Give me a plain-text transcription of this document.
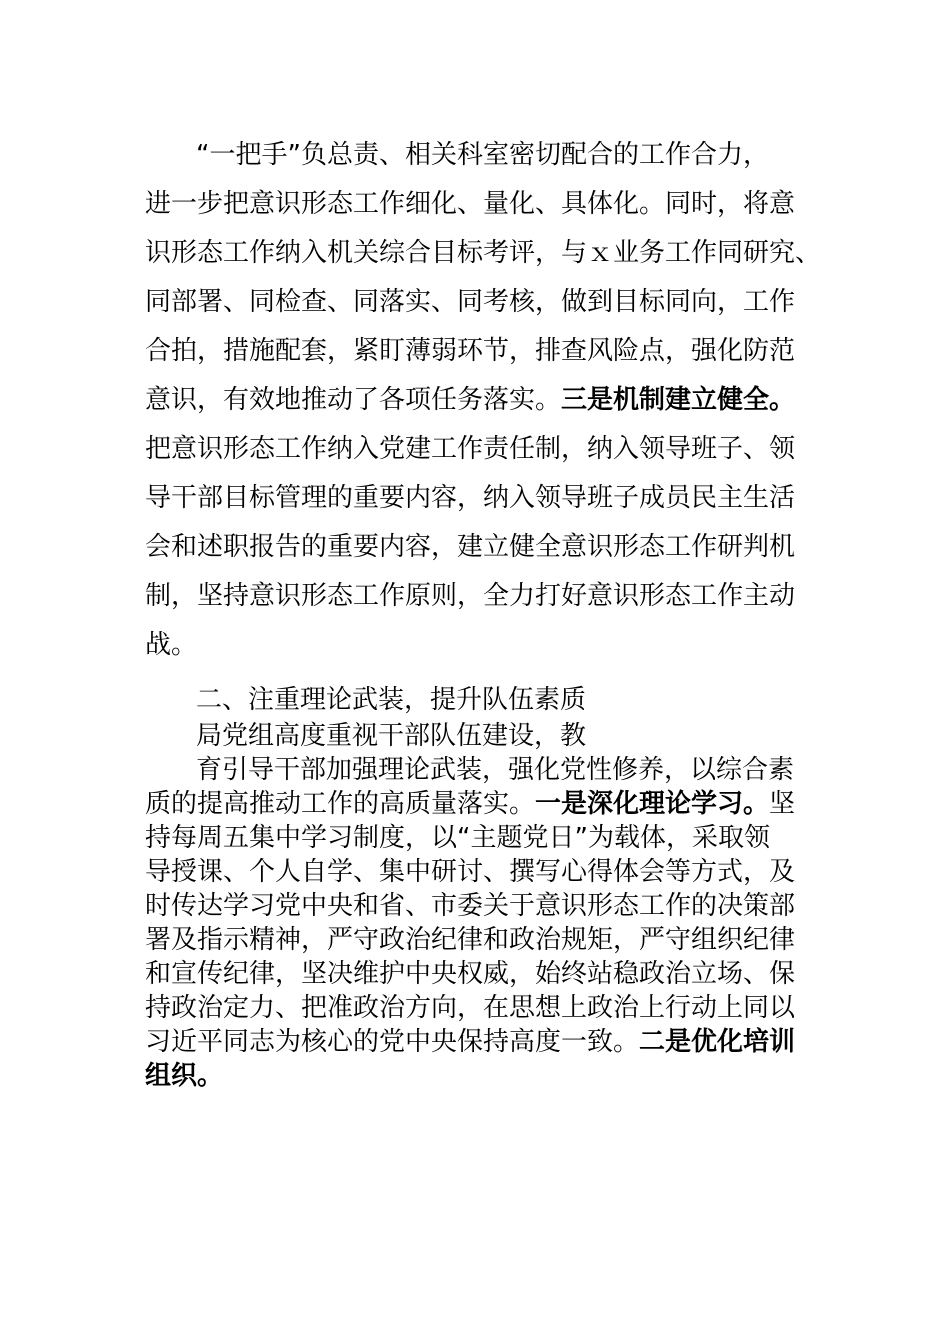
“一把手”负总责、相关科室密切配合的工作合力，
进一步把意识形态工作细化、量化、具体化。同时，将意
识形态工作纳入机关综合目标考评，与ｘ业务工作同研究、
同部署、同检查、同落实、同考核，做到目标同向，工作
合拍，措施配套，紧盯薄弱环节，排查风险点，强化防范
意识，有效地推动了各项任务落实。三是机制建立健全。
把意识形态工作纳入党建工作责任制，纳入领导班子、领
导干部目标管理的重要内容，纳入领导班子成员民主生活
会和述职报告的重要内容，建立健全意识形态工作研判机
制，坚持意识形态工作原则，全力打好意识形态工作主动
战。
二、注重理论武装，提升队伍素质
局党组高度重视干部队伍建设，教
育引导干部加强理论武装，强化党性修养，以综合素
质的提高推动工作的高质量落实。一是深化理论学习。坚
持每周五集中学习制度，以“主题党日”为载体，采取领
导授课、个人自学、集中研讨、撰写心得体会等方式，及
时传达学习党中央和省、市委关于意识形态工作的决策部
署及指示精神，严守政治纪律和政治规矩，严守组织纪律
和宣传纪律，坚决维护中央权威，始终站稳政治立场、保
持政治定力、把准政治方向，在思想上政治上行动上同以
习近平同志为核心的党中央保持高度一致。二是优化培训
组织。
